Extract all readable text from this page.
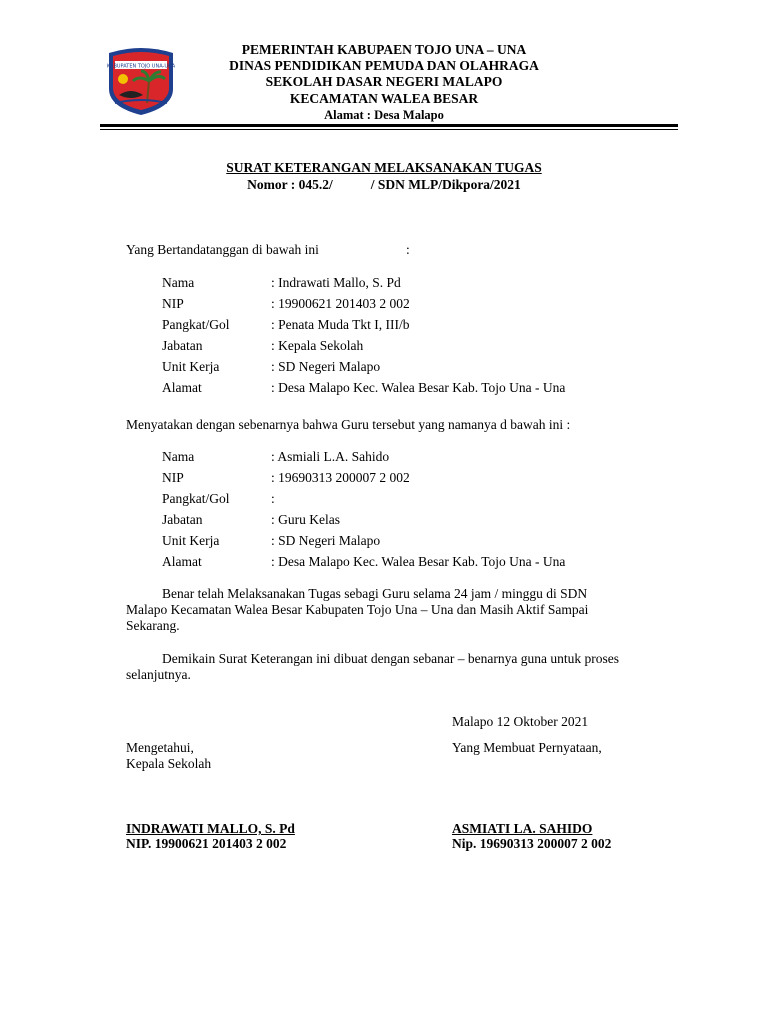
KABUPATEN TOJO UNA-UNA
PEMERINTAH KABUPAEN TOJO UNA – UNA
DINAS PENDIDIKAN PEMUDA DAN OLAHRAGA
SEKOLAH DASAR NEGERI MALAPO
KECAMATAN WALEA BESAR
Alamat : Desa Malapo
SURAT KETERANGAN MELAKSANAKAN TUGAS
Nomor : 045.2/	/ SDN MLP/Dikpora/2021
Yang Bertandatanggan di bawah ini	:
Nama	: Indrawati Mallo, S. Pd
NIP	: 19900621 201403 2 002
Pangkat/Gol	: Penata Muda Tkt I, III/b
Jabatan	: Kepala Sekolah
Unit Kerja	: SD Negeri Malapo
Alamat	: Desa Malapo Kec. Walea Besar Kab. Tojo Una - Una
Menyatakan dengan sebenarnya bahwa Guru tersebut yang namanya d bawah ini :
Nama	: Asmiali L.A. Sahido
NIP	: 19690313 200007 2 002
Pangkat/Gol	:
Jabatan	: Guru Kelas
Unit Kerja	: SD Negeri Malapo
Alamat	: Desa Malapo Kec. Walea Besar Kab. Tojo Una - Una
Benar telah Melaksanakan Tugas sebagi Guru selama 24 jam / minggu di SDN
Malapo Kecamatan Walea Besar Kabupaten Tojo Una – Una dan Masih Aktif Sampai
Sekarang.
Demikain Surat Keterangan ini dibuat dengan sebanar – benarnya guna untuk proses
selanjutnya.
Malapo 12 Oktober 2021
Mengetahui,
Kepala Sekolah
Yang Membuat Pernyataan,
INDRAWATI MALLO, S. Pd
NIP. 19900621 201403 2 002
ASMIATI LA. SAHIDO
Nip. 19690313 200007 2 002
